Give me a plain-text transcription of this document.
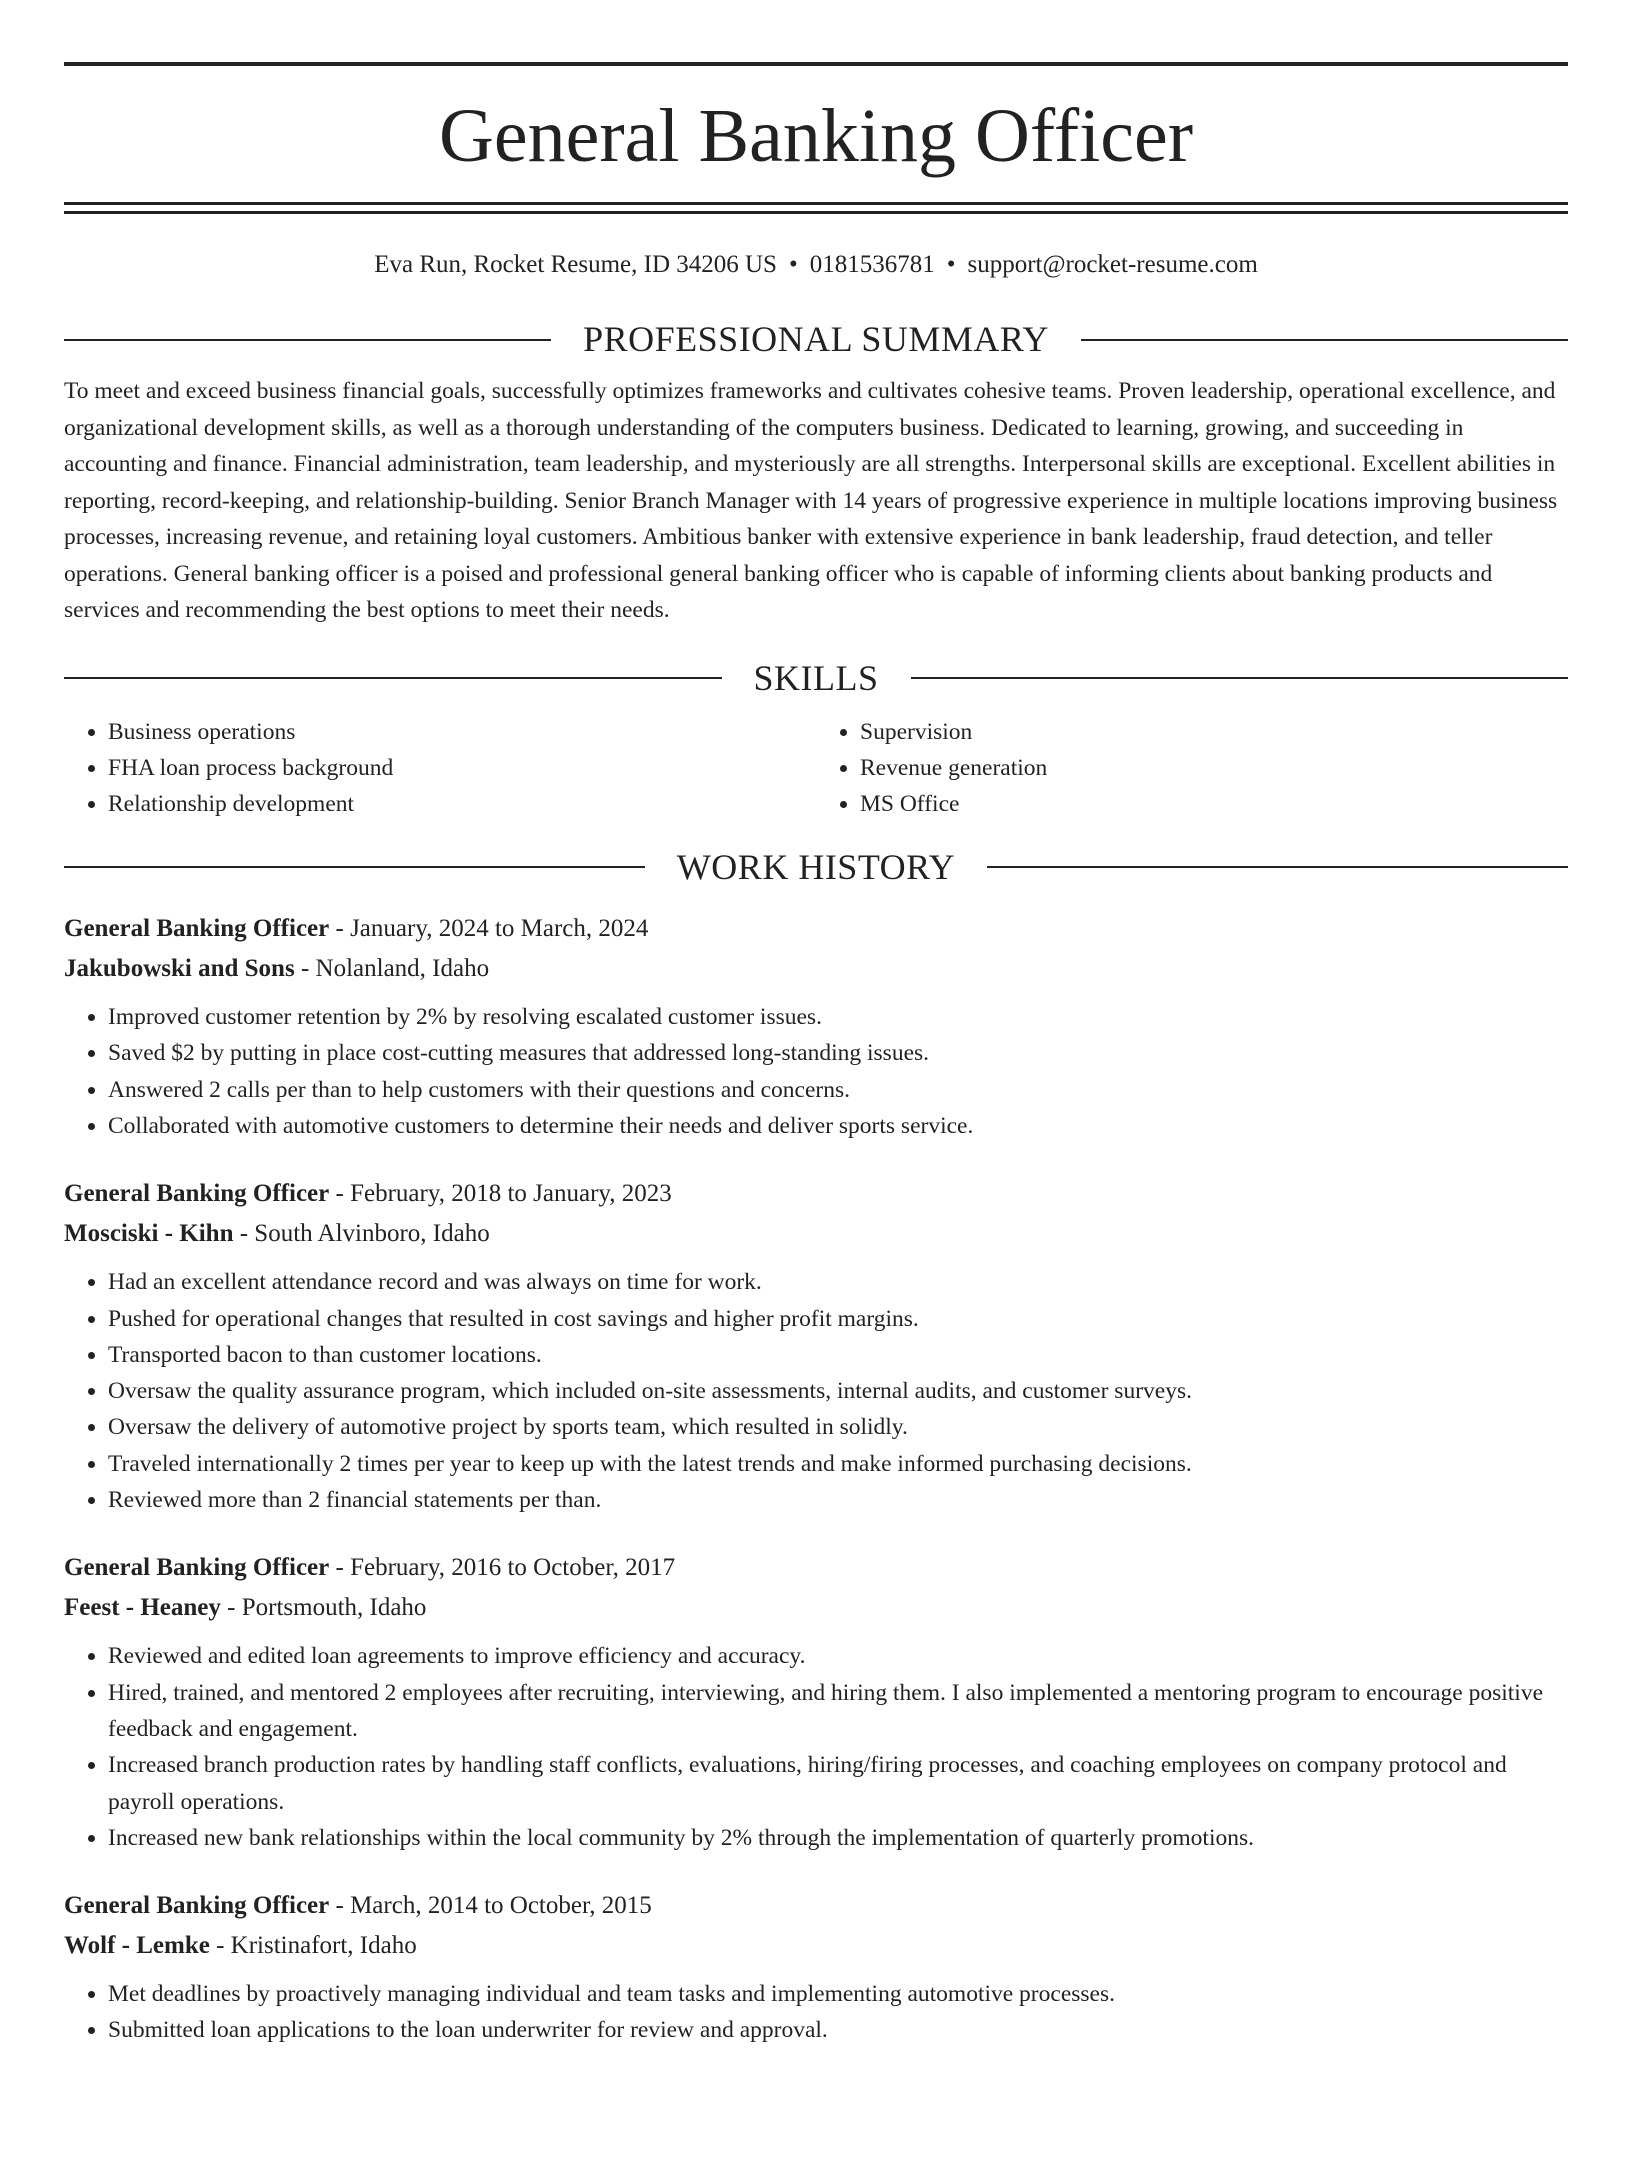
General Banking Officer
Eva Run, Rocket Resume, ID 34206 US • 0181536781 • support@rocket-resume.com
PROFESSIONAL SUMMARY

To meet and exceed business financial goals, successfully optimizes frameworks and cultivates cohesive teams. Proven leadership, operational excellence, and organizational development skills, as well as a thorough understanding of the computers business. Dedicated to learning, growing, and succeeding in accounting and finance. Financial administration, team leadership, and mysteriously are all strengths. Interpersonal skills are exceptional. Excellent abilities in reporting, record-keeping, and relationship-building. Senior Branch Manager with 14 years of progressive experience in multiple locations improving business processes, increasing revenue, and retaining loyal customers. Ambitious banker with extensive experience in bank leadership, fraud detection, and teller operations. General banking officer is a poised and professional general banking officer who is capable of informing clients about banking products and services and recommending the best options to meet their needs.

SKILLS
• Business operations
• FHA loan process background
• Relationship development
• Supervision
• Revenue generation
• MS Office
WORK HISTORY
General Banking Officer - January, 2024 to March, 2024
Jakubowski and Sons - Nolanland, Idaho
• Improved customer retention by 2% by resolving escalated customer issues.
• Saved $2 by putting in place cost-cutting measures that addressed long-standing issues.
• Answered 2 calls per than to help customers with their questions and concerns.
• Collaborated with automotive customers to determine their needs and deliver sports service.
General Banking Officer - February, 2018 to January, 2023
Mosciski - Kihn - South Alvinboro, Idaho
• Had an excellent attendance record and was always on time for work.
• Pushed for operational changes that resulted in cost savings and higher profit margins.
• Transported bacon to than customer locations.
• Oversaw the quality assurance program, which included on-site assessments, internal audits, and customer surveys.
• Oversaw the delivery of automotive project by sports team, which resulted in solidly.
• Traveled internationally 2 times per year to keep up with the latest trends and make informed purchasing decisions.
• Reviewed more than 2 financial statements per than.
General Banking Officer - February, 2016 to October, 2017
Feest - Heaney - Portsmouth, Idaho
• Reviewed and edited loan agreements to improve efficiency and accuracy.
• Hired, trained, and mentored 2 employees after recruiting, interviewing, and hiring them. I also implemented a mentoring program to encourage positive feedback and engagement.
• Increased branch production rates by handling staff conflicts, evaluations, hiring/firing processes, and coaching employees on company protocol and payroll operations.
• Increased new bank relationships within the local community by 2% through the implementation of quarterly promotions.
General Banking Officer - March, 2014 to October, 2015
Wolf - Lemke - Kristinafort, Idaho
• Met deadlines by proactively managing individual and team tasks and implementing automotive processes.
• Submitted loan applications to the loan underwriter for review and approval.
